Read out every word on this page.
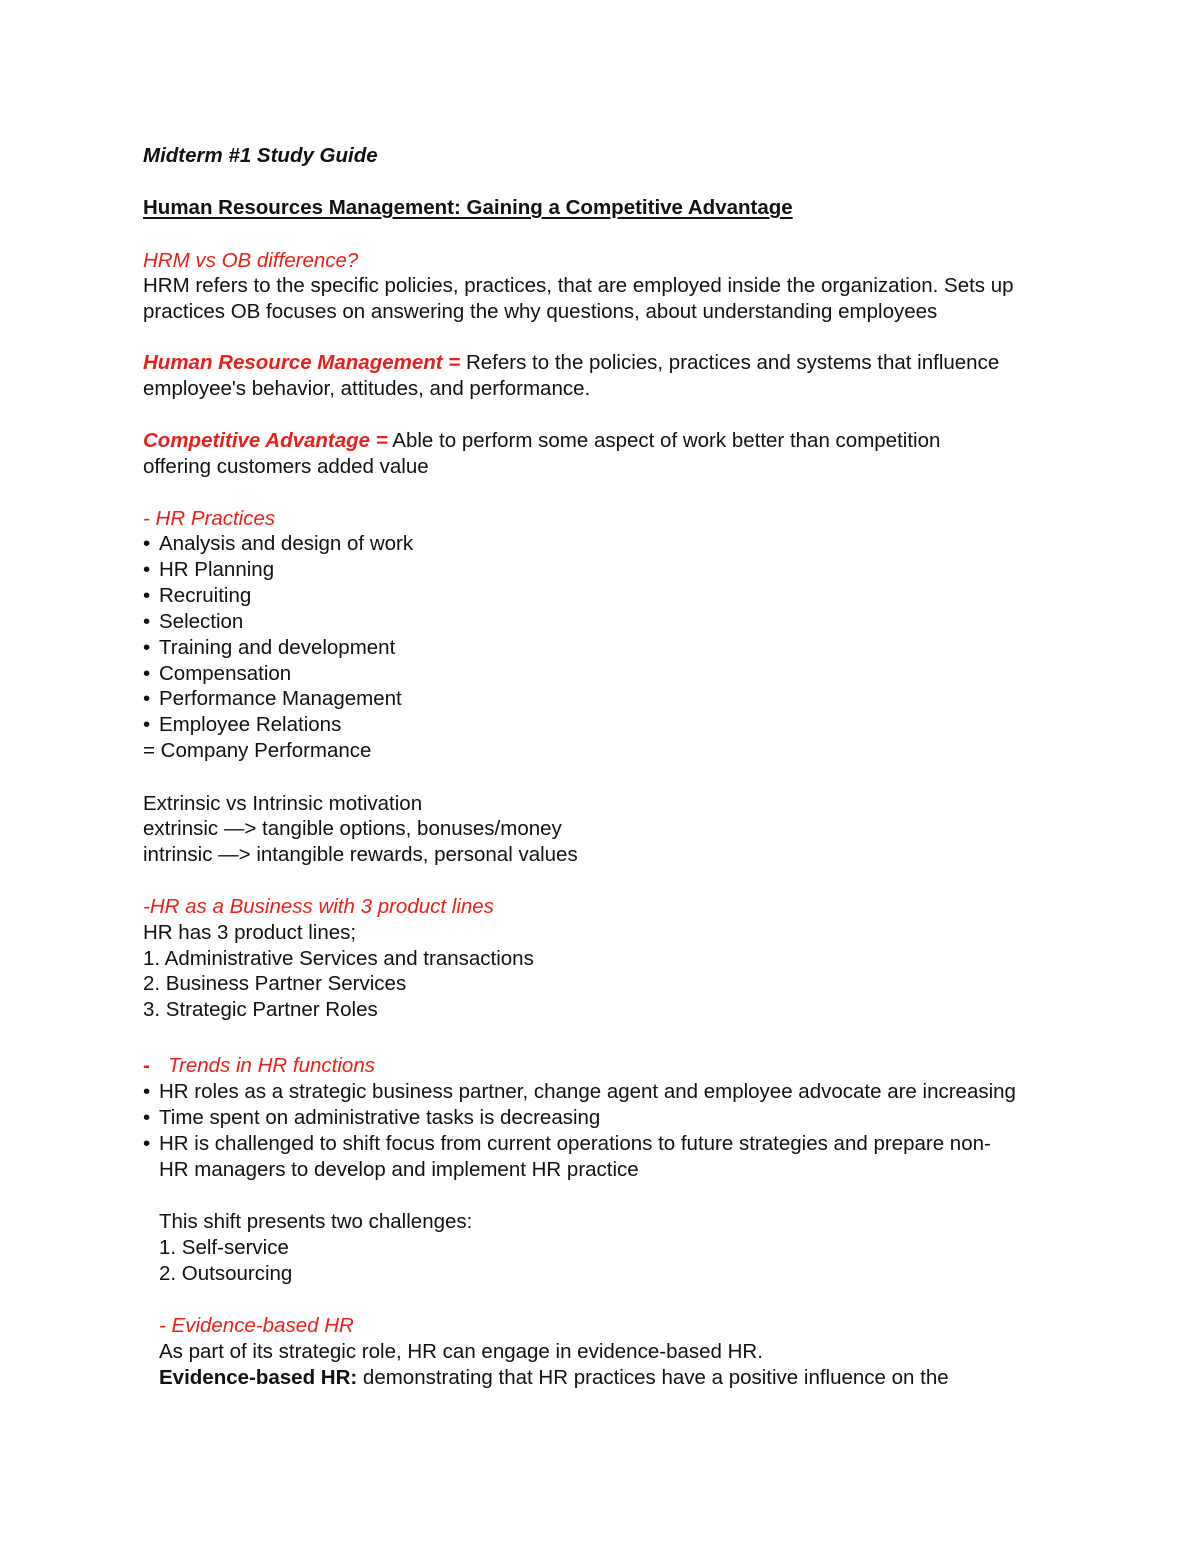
Midterm #1 Study Guide
Human Resources Management: Gaining a Competitive Advantage
HRM vs OB difference?
HRM refers to the specific policies, practices, that are employed inside the organization. Sets up
practices OB focuses on answering the why questions, about understanding employees
Human Resource Management = Refers to the policies, practices and systems that influence
employee's behavior, attitudes, and performance.
Competitive Advantage = Able to perform some aspect of work better than competition
offering customers added value
- HR Practices
• Analysis and design of work
• HR Planning
• Recruiting
• Selection
• Training and development
• Compensation
• Performance Management
• Employee Relations
= Company Performance
Extrinsic vs Intrinsic motivation
extrinsic —> tangible options, bonuses/money
intrinsic —> intangible rewards, personal values
-HR as a Business with 3 product lines
HR has 3 product lines;
1. Administrative Services and transactions
2. Business Partner Services
3. Strategic Partner Roles
- Trends in HR functions
• HR roles as a strategic business partner, change agent and employee advocate are increasing
• Time spent on administrative tasks is decreasing
• HR is challenged to shift focus from current operations to future strategies and prepare non-
HR managers to develop and implement HR practice
This shift presents two challenges:
1. Self-service
2. Outsourcing
- Evidence-based HR
As part of its strategic role, HR can engage in evidence-based HR.
Evidence-based HR: demonstrating that HR practices have a positive influence on the
